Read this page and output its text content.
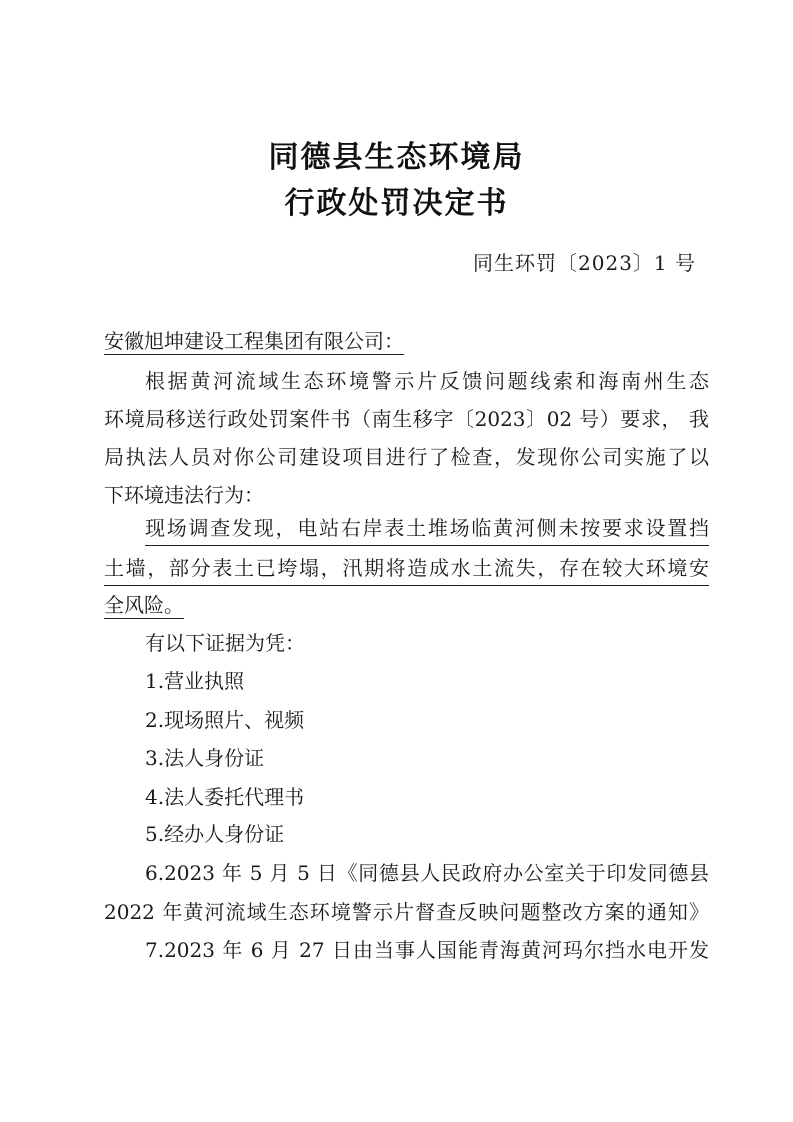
同德县生态环境局
行政处罚决定书
同生环罚〔2023〕1 号
安徽旭坤建设工程集团有限公司：
根据黄河流域生态环境警示片反馈问题线索和海南州生态
环境局移送行政处罚案件书（南生移字〔2023〕02 号）要求， 我
局执法人员对你公司建设项目进行了检查，发现你公司实施了以
下环境违法行为：
现场调查发现，电站右岸表土堆场临黄河侧未按要求设置挡
土墙，部分表土已垮塌，汛期将造成水土流失，存在较大环境安
全风险。
有以下证据为凭：
1.营业执照
2.现场照片、视频
3.法人身份证
4.法人委托代理书
5.经办人身份证
6.2023 年 5 月 5 日《同德县人民政府办公室关于印发同德县
2022 年黄河流域生态环境警示片督查反映问题整改方案的通知》
7.2023 年 6 月 27 日由当事人国能青海黄河玛尔挡水电开发
